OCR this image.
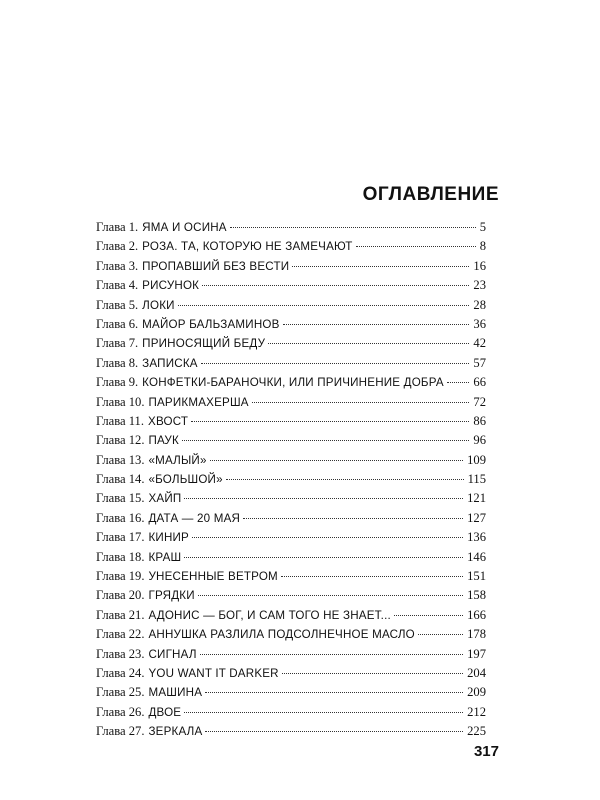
ОГЛАВЛЕНИЕ
Глава 1. ЯМА И ОСИНА	5
Глава 2. РОЗА. ТА, КОТОРУЮ НЕ ЗАМЕЧАЮТ	8
Глава 3. ПРОПАВШИЙ БЕЗ ВЕСТИ	16
Глава 4. РИСУНОК	23
Глава 5. ЛОКИ	28
Глава 6. МАЙОР БАЛЬЗАМИНОВ	36
Глава 7. ПРИНОСЯЩИЙ БЕДУ	42
Глава 8. ЗАПИСКА	57
Глава 9. КОНФЕТКИ-БАРАНОЧКИ, ИЛИ ПРИЧИНЕНИЕ ДОБРА 66
Глава 10. ПАРИКМАХЕРША	72
Глава 11. ХВОСТ	86
Глава 12. ПАУК	96
Глава 13. «МАЛЫЙ»	109
Глава 14. «БОЛЬШОЙ»	115
Глава 15. ХАЙП	121
Глава 16. ДАТА — 20 МАЯ	127
Глава 17. КИНИР	136
Глава 18. КРАШ	146
Глава 19. УНЕСЕННЫЕ ВЕТРОМ	151
Глава 20. ГРЯДКИ	158
Глава 21. АДОНИС — БОГ, И САМ ТОГО НЕ ЗНАЕТ...	166
Глава 22. АННУШКА РАЗЛИЛА ПОДСОЛНЕЧНОЕ МАСЛО	178
Глава 23. СИГНАЛ	197
Глава 24. YOU WANT IT DARKER	204
Глава 25. МАШИНА	209
Глава 26. ДВОЕ	212
Глава 27. ЗЕРКАЛА	225
317
